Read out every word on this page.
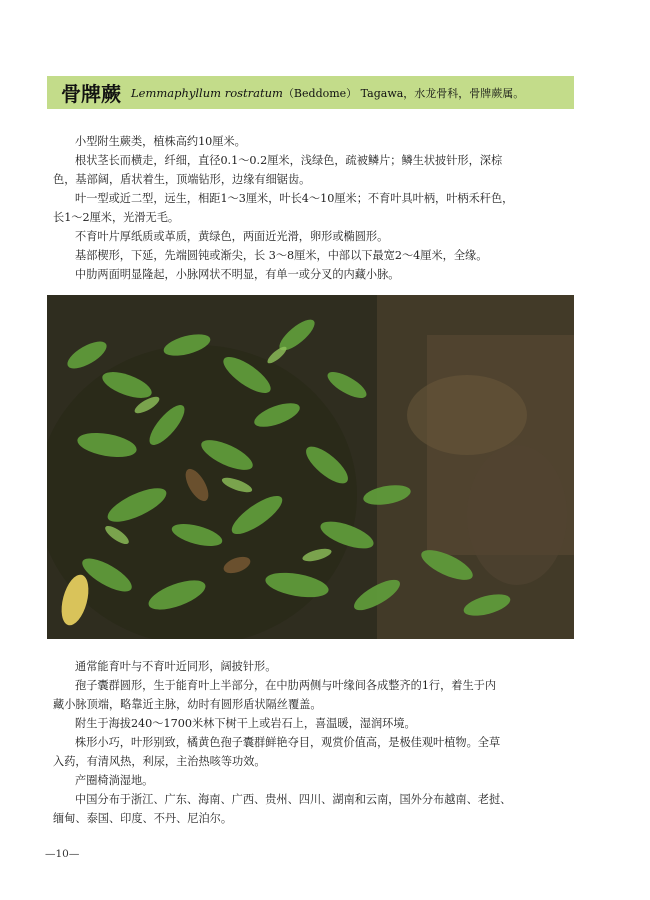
骨牌蕨 Lemmaphyllum rostratum （Beddome） Tagawa，水龙骨科，骨牌蕨属。

小型附生蕨类，植株高约10厘米。

根状茎长而横走，纤细，直径0.1～0.2厘米，浅绿色，疏被鳞片；鳞生状披针形，深棕

色，基部阔，盾状着生，顶端钻形，边缘有细锯齿。

叶一型或近二型，远生，相距1～3厘米，叶长4～10厘米；不育叶具叶柄，叶柄禾秆色，

长1～2厘米，光滑无毛。

不育叶片厚纸质或革质，黄绿色，两面近光滑，卵形或椭圆形。

基部楔形，下延，先端圆钝或渐尖，长 3～8厘米，中部以下最宽2～4厘米，全缘。

中肋两面明显隆起，小脉网状不明显，有单一或分叉的内藏小脉。

通常能育叶与不育叶近同形，阔披针形。

孢子囊群圆形，生于能育叶上半部分，在中肋两侧与叶缘间各成整齐的1行，着生于内

藏小脉顶端，略靠近主脉，幼时有圆形盾状隔丝覆盖。

附生于海拔240～1700米林下树干上或岩石上，喜温暖，湿润环境。

株形小巧，叶形别致，橘黄色孢子囊群鲜艳夺目，观赏价值高，是极佳观叶植物。全草

入药，有清风热，利尿，主治热咳等功效。

产圈椅淌湿地。

中国分布于浙江、广东、海南、广西、贵州、四川、湖南和云南，国外分布越南、老挝、

缅甸、泰国、印度、不丹、尼泊尔。

—10—
